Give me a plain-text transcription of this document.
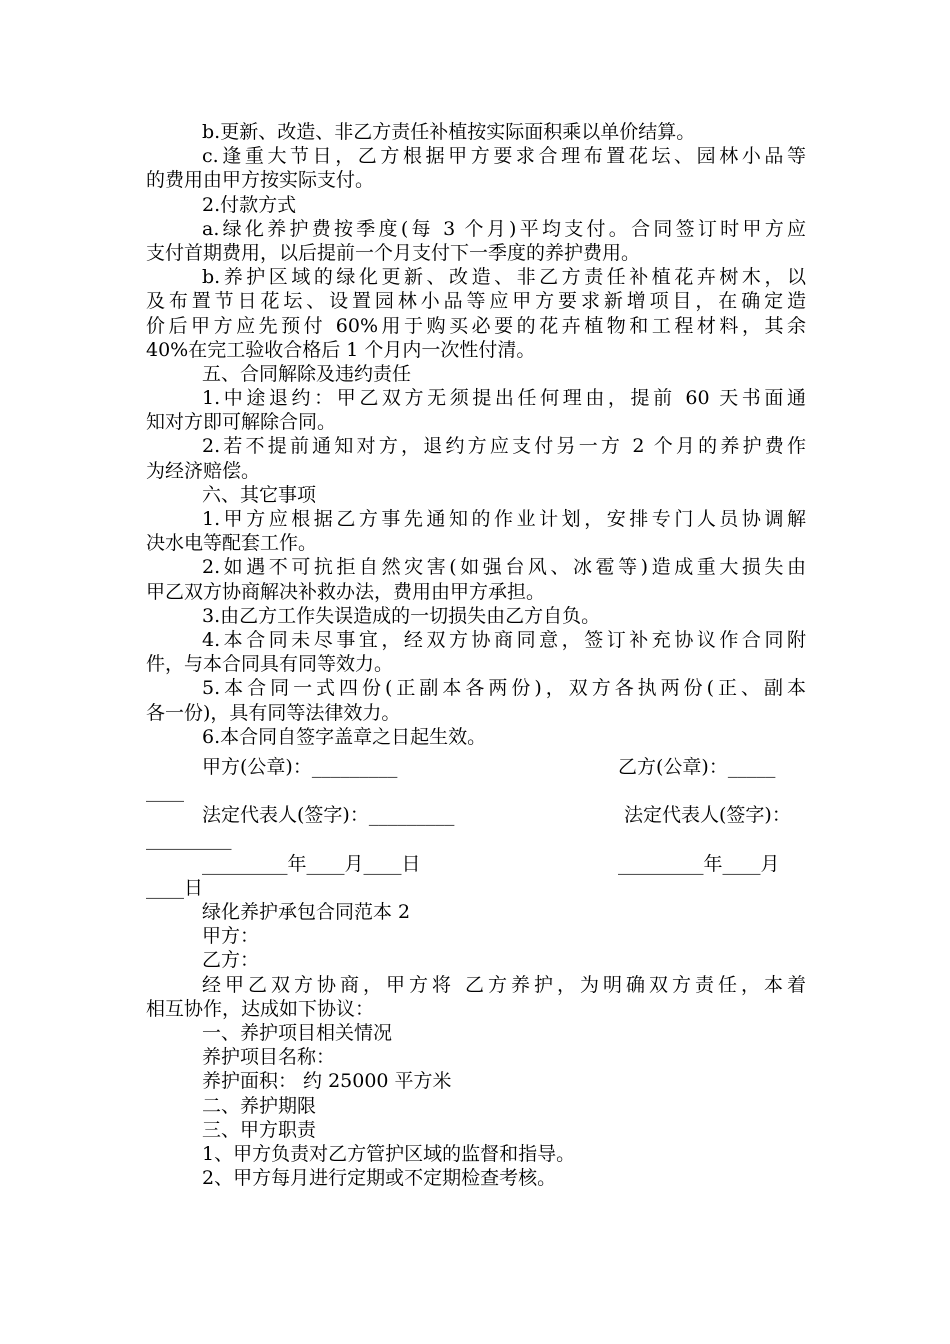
b.更新、改造、非乙方责任补植按实际面积乘以单价结算。
c.逢重大节日，乙方根据甲方要求合理布置花坛、园林小品等
的费用由甲方按实际支付。
2.付款方式
a.绿化养护费按季度(每 3 个月)平均支付。合同签订时甲方应
支付首期费用，以后提前一个月支付下一季度的养护费用。
b.养护区域的绿化更新、改造、非乙方责任补植花卉树木，以
及布置节日花坛、设置园林小品等应甲方要求新增项目，在确定造
价后甲方应先预付 60%用于购买必要的花卉植物和工程材料，其余
40%在完工验收合格后 1 个月内一次性付清。
五、合同解除及违约责任
1.中途退约：甲乙双方无须提出任何理由，提前 60 天书面通
知对方即可解除合同。
2.若不提前通知对方，退约方应支付另一方 2 个月的养护费作
为经济赔偿。
六、其它事项
1.甲方应根据乙方事先通知的作业计划，安排专门人员协调解
决水电等配套工作。
2.如遇不可抗拒自然灾害(如强台风、冰雹等)造成重大损失由
甲乙双方协商解决补救办法，费用由甲方承担。
3.由乙方工作失误造成的一切损失由乙方自负。
4.本合同未尽事宜，经双方协商同意，签订补充协议作合同附
件，与本合同具有同等效力。
5.本合同一式四份(正副本各两份)，双方各执两份(正、副本
各一份)，具有同等法律效力。
6.本合同自签字盖章之日起生效。
甲方(公章)：_________	乙方(公章)：_____
____
法定代表人(签字)：_________	法定代表人(签字)：
_________
_________年____月____日	_________年____月
____日
绿化养护承包合同范本 2
甲方：
乙方：
经甲乙双方协商，甲方将 乙方养护，为明确双方责任，本着
相互协作，达成如下协议：
一、养护项目相关情况
养护项目名称：
养护面积： 约 25000 平方米
二、养护期限
三、甲方职责
1、甲方负责对乙方管护区域的监督和指导。
2、甲方每月进行定期或不定期检查考核。
